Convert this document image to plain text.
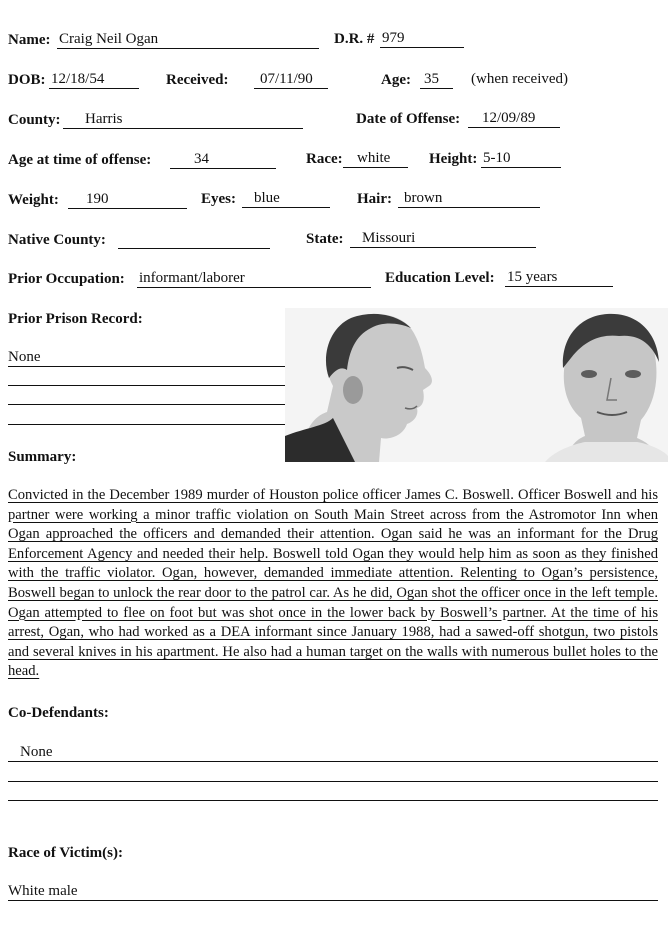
Name: Craig Neil Ogan	D.R. # 979
DOB: 12/18/54	Received:	07/11/90	Age: 35	(when received)
County:	Harris	Date of Offense:	12/09/89
Age at time of offense:	34	Race: white	Height: 5-10
Weight:	190	Eyes:	blue	Hair: brown
Native County:	State:	Missouri
Prior Occupation: informant/laborer	Education Level: 15 years
Prior Prison Record:
None
Summary:
Convicted in the December 1989 murder of Houston police officer James C. Boswell. Officer Boswell and his partner were working a minor traffic violation on South Main Street across from the Astromotor Inn when Ogan approached the officers and demanded their attention. Ogan said he was an informant for the Drug Enforcement Agency and needed their help. Boswell told Ogan they would help him as soon as they finished with the traffic violator. Ogan, however, demanded immediate attention. Relenting to Ogan’s persistence, Boswell began to unlock the rear door to the patrol car. As he did, Ogan shot the officer once in the left temple. Ogan attempted to flee on foot but was shot once in the lower back by Boswell’s partner. At the time of his arrest, Ogan, who had worked as a DEA informant since January 1988, had a sawed-off shotgun, two pistols and several knives in his apartment. He also had a human target on the walls with numerous bullet holes to the head.
Co-Defendants:
None
Race of Victim(s):
White male
